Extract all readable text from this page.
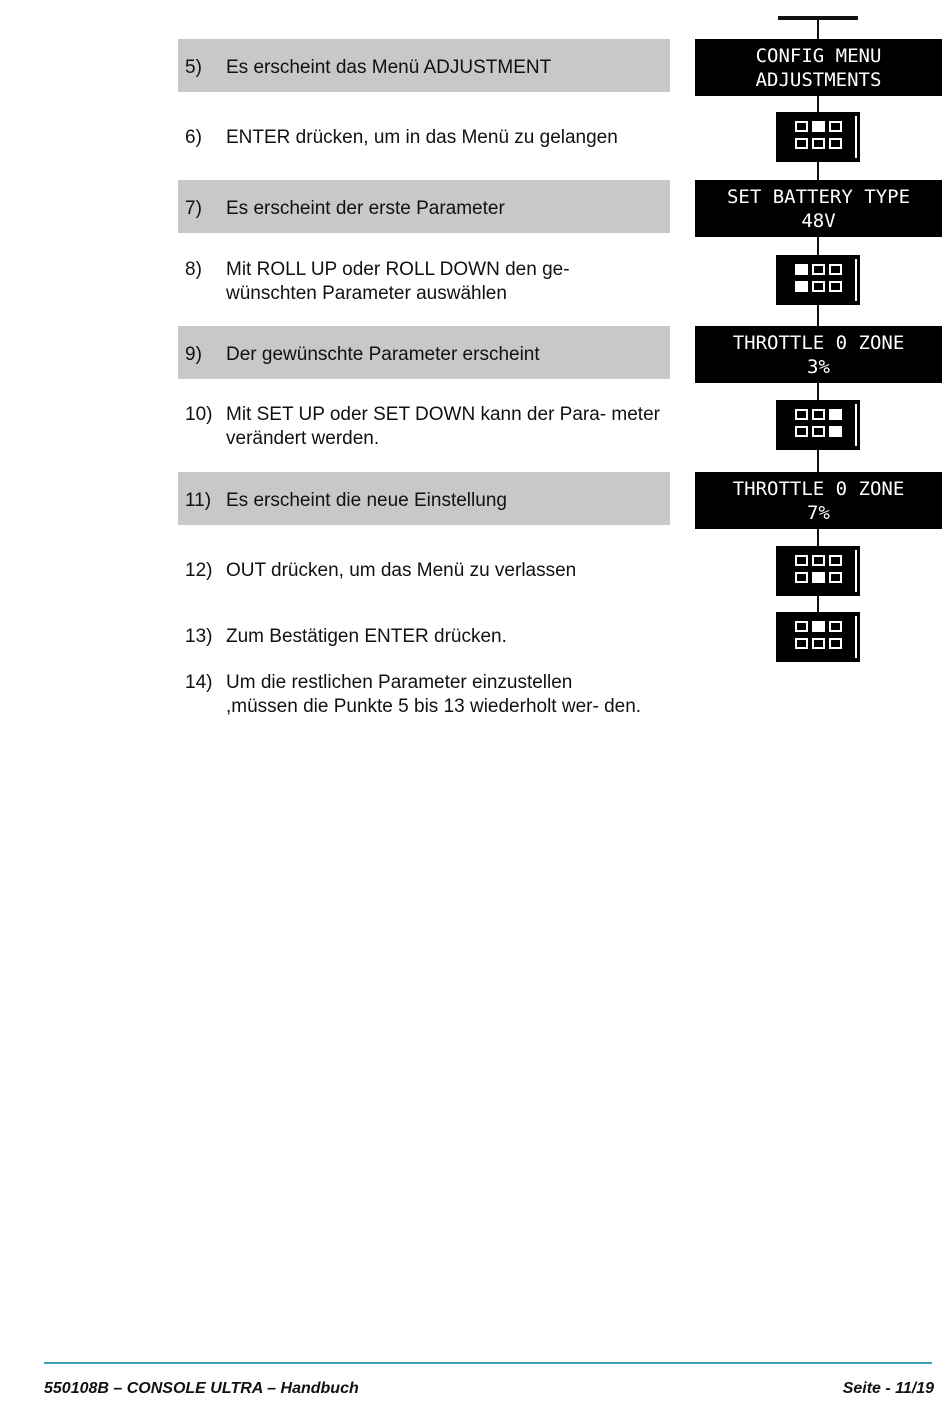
5) Es erscheint das Menü ADJUSTMENT
6) ENTER drücken, um in das Menü zu gelangen
7) Es erscheint der erste Parameter
8) Mit ROLL UP oder ROLL DOWN den ge- wünschten Parameter auswählen
9) Der gewünschte Parameter erscheint
10) Mit SET UP oder SET DOWN kann der Para- meter verändert werden.
11) Es erscheint die neue Einstellung
12) OUT drücken, um das Menü zu verlassen
13) Zum Bestätigen ENTER drücken.
14) Um die restlichen Parameter einzustellen ,müssen die Punkte 5 bis 13 wiederholt wer- den.
CONFIG MENU
ADJUSTMENTS
SET BATTERY TYPE
48V
THROTTLE 0 ZONE
3%
THROTTLE 0 ZONE
7%
550108B – CONSOLE ULTRA – Handbuch	Seite - 11/19
